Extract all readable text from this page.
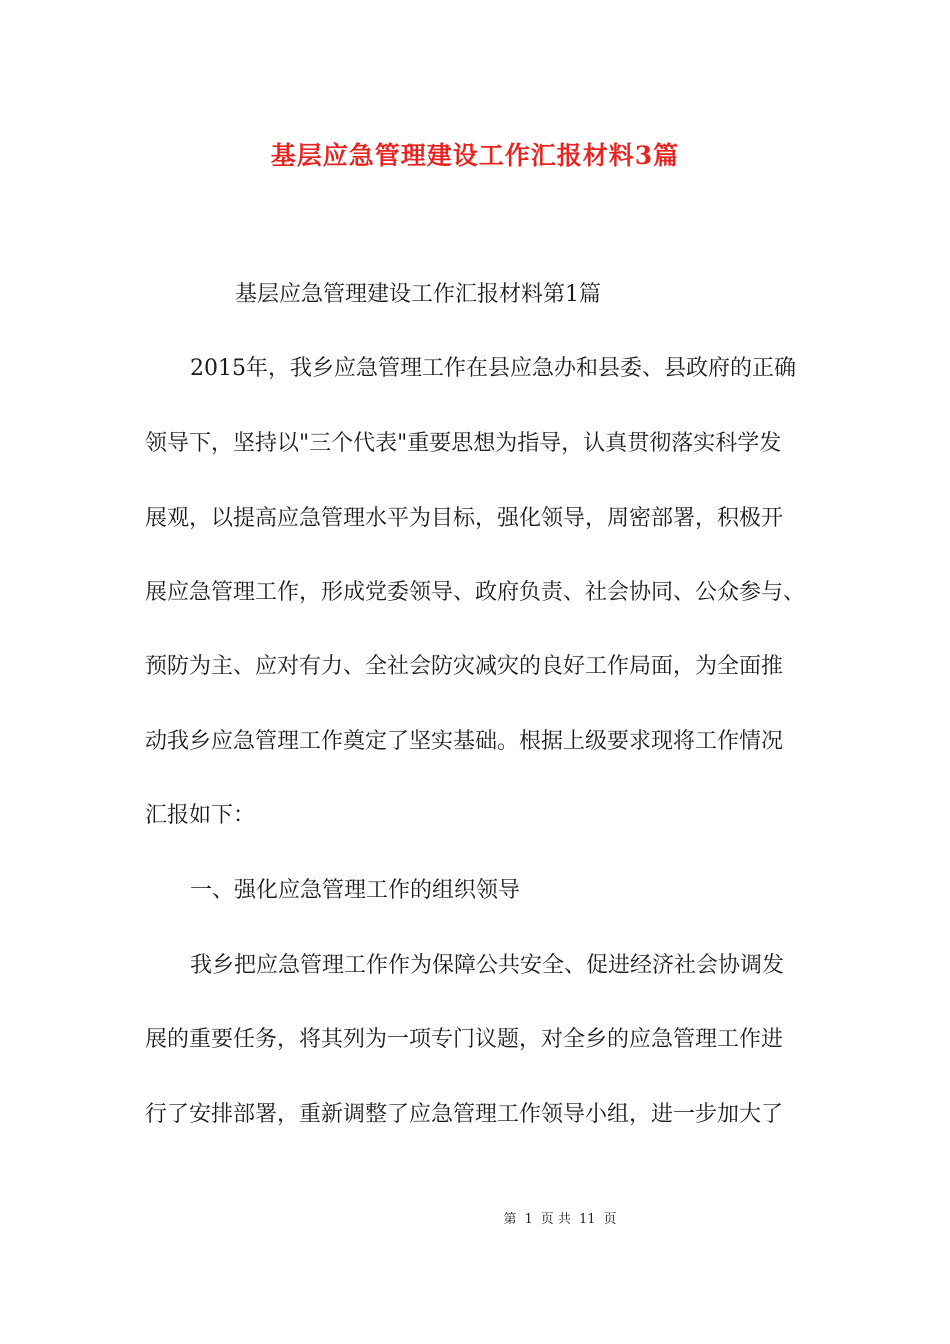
基层应急管理建设工作汇报材料3篇

基层应急管理建设工作汇报材料第1篇

2015年，我乡应急管理工作在县应急办和县委、县政府的正确

领导下，坚持以"三个代表"重要思想为指导，认真贯彻落实科学发

展观，以提高应急管理水平为目标，强化领导，周密部署，积极开

展应急管理工作，形成党委领导、政府负责、社会协同、公众参与、

预防为主、应对有力、全社会防灾减灾的良好工作局面，为全面推

动我乡应急管理工作奠定了坚实基础。根据上级要求现将工作情况

汇报如下：

一、强化应急管理工作的组织领导

我乡把应急管理工作作为保障公共安全、促进经济社会协调发

展的重要任务，将其列为一项专门议题，对全乡的应急管理工作进

行了安排部署，重新调整了应急管理工作领导小组，进一步加大了

第 1 页 共 11 页
